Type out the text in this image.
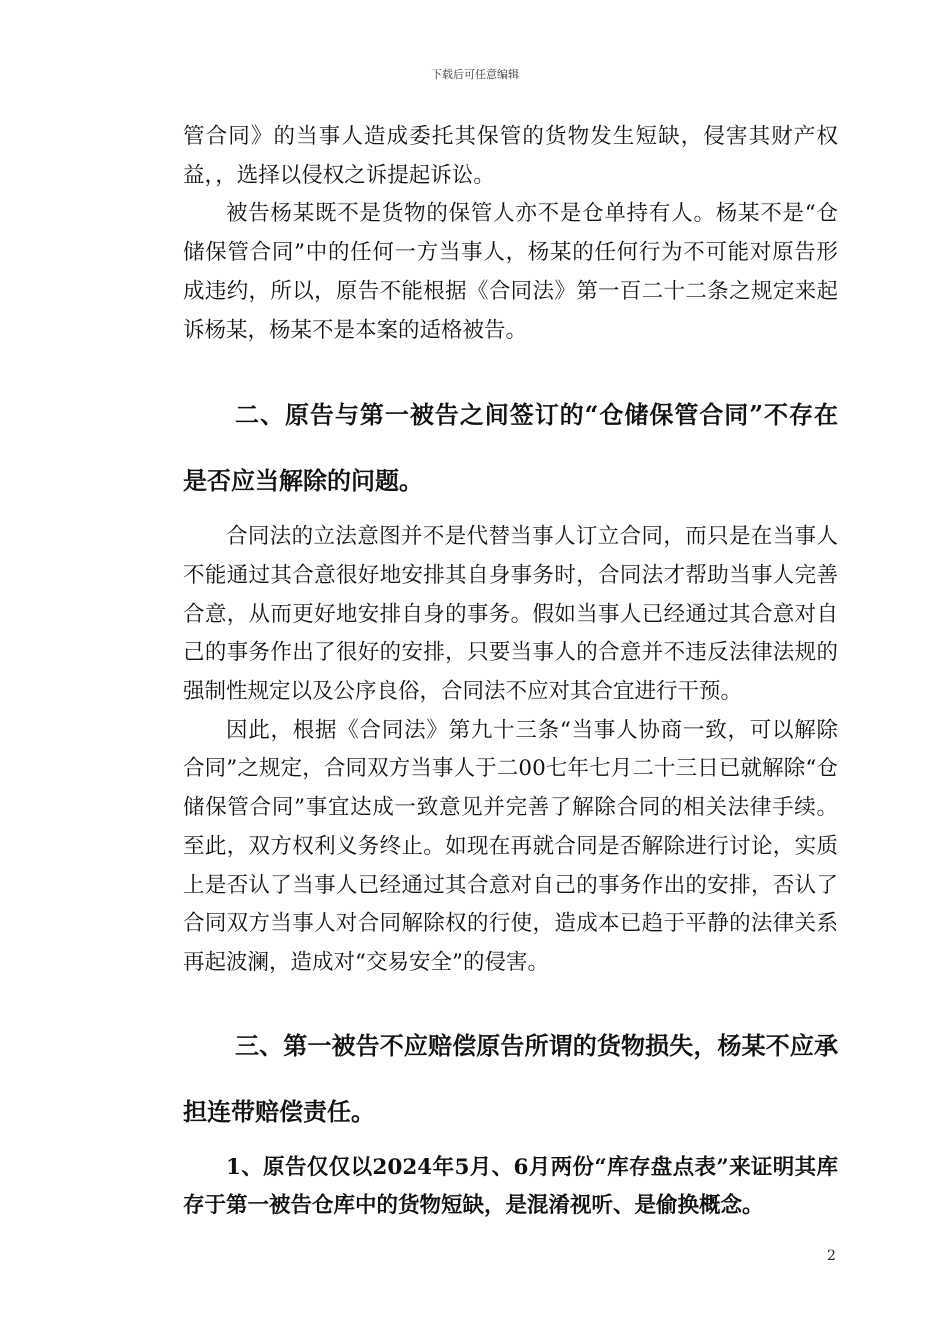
下载后可任意编辑

管合同》的当事人造成委托其保管的货物发生短缺，侵害其财产权益，，选择以侵权之诉提起诉讼。

被告杨某既不是货物的保管人亦不是仓单持有人。杨某不是“仓储保管合同”中的任何一方当事人，杨某的任何行为不可能对原告形成违约，所以，原告不能根据《合同法》第一百二十二条之规定来起诉杨某，杨某不是本案的适格被告。

二、原告与第一被告之间签订的“仓储保管合同”不存在是否应当解除的问题。

合同法的立法意图并不是代替当事人订立合同，而只是在当事人不能通过其合意很好地安排其自身事务时，合同法才帮助当事人完善合意，从而更好地安排自身的事务。假如当事人已经通过其合意对自己的事务作出了很好的安排，只要当事人的合意并不违反法律法规的强制性规定以及公序良俗，合同法不应对其合宜进行干预。

因此，根据《合同法》第九十三条“当事人协商一致，可以解除合同”之规定，合同双方当事人于二00七年七月二十三日已就解除“仓储保管合同”事宜达成一致意见并完善了解除合同的相关法律手续。至此，双方权利义务终止。如现在再就合同是否解除进行讨论，实质上是否认了当事人已经通过其合意对自己的事务作出的安排，否认了合同双方当事人对合同解除权的行使，造成本已趋于平静的法律关系再起波澜，造成对“交易安全”的侵害。

三、第一被告不应赔偿原告所谓的货物损失，杨某不应承担连带赔偿责任。

1、原告仅仅以2024年5月、6月两份“库存盘点表”来证明其库存于第一被告仓库中的货物短缺，是混淆视听、是偷换概念。

2
